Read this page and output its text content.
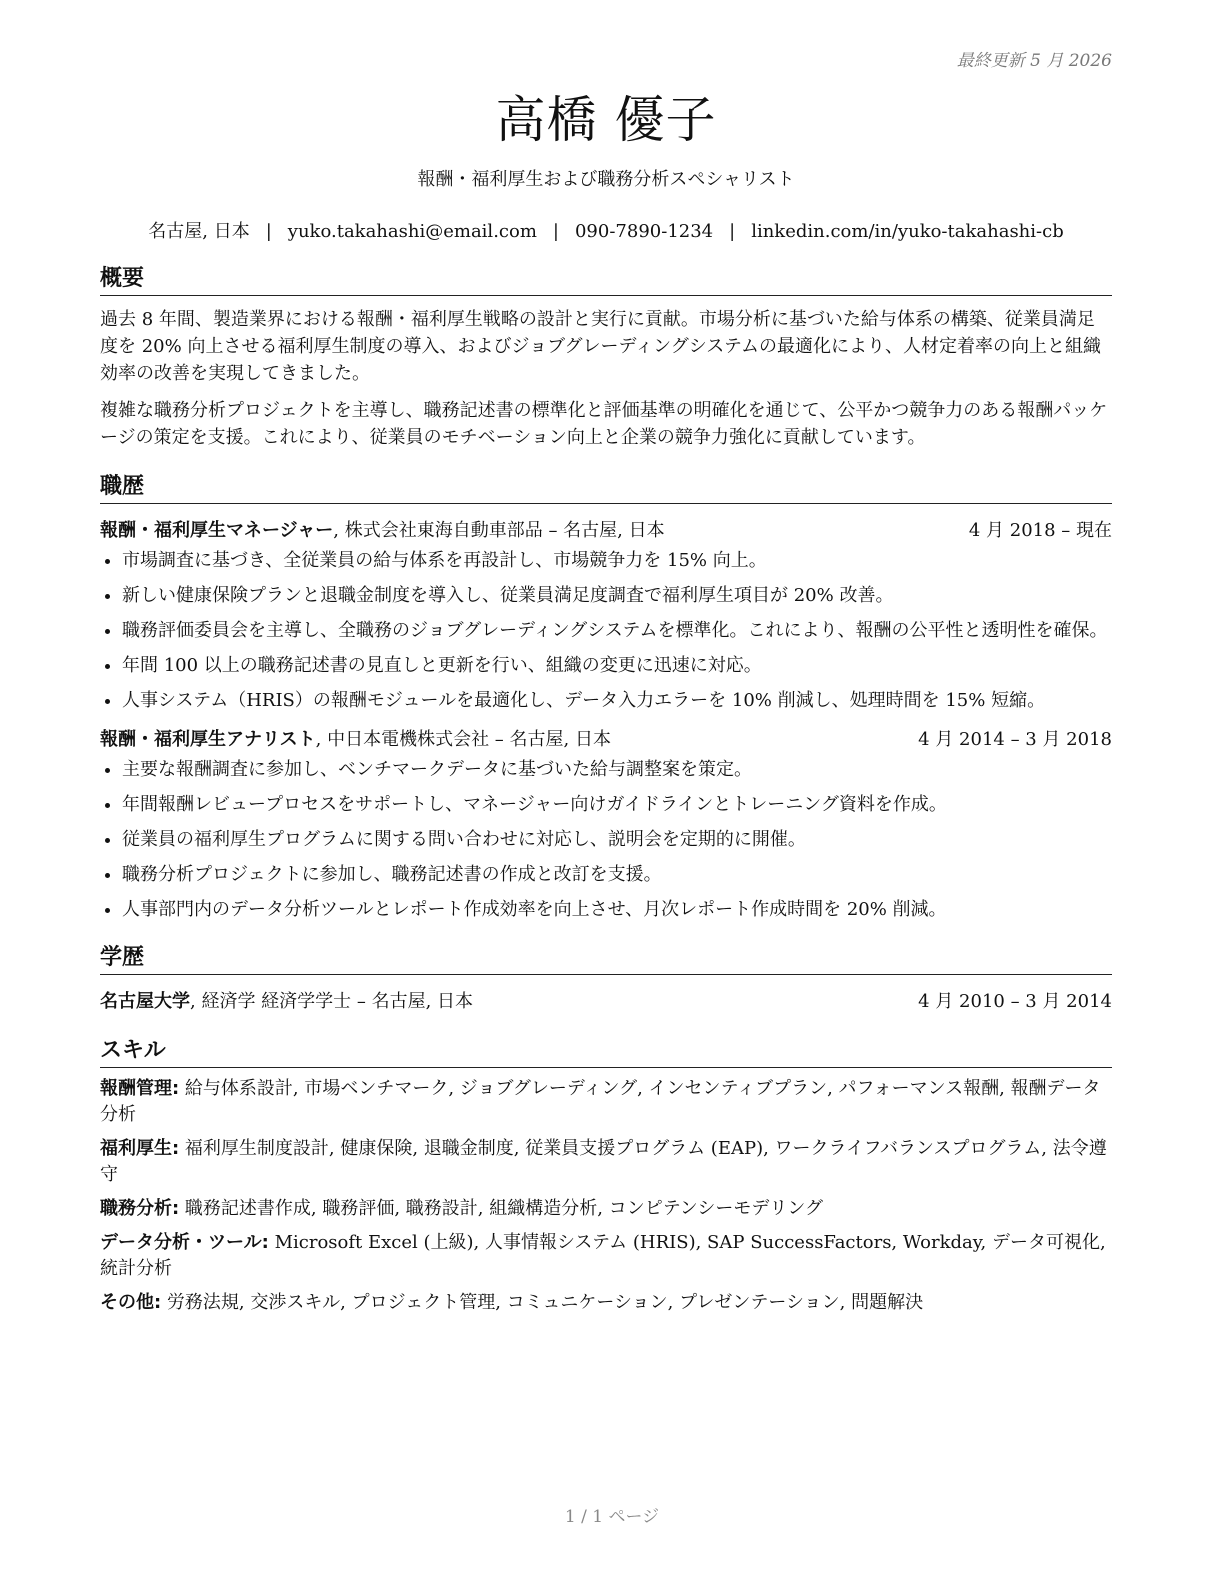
最終更新 5 月 2026
高橋 優子
報酬・福利厚生および職務分析スペシャリスト
名古屋, 日本 | yuko.takahashi@email.com | 090-7890-1234 | linkedin.com/in/yuko-takahashi-cb
概要
過去 8 年間、製造業界における報酬・福利厚生戦略の設計と実行に貢献。市場分析に基づいた給与体系の構築、従業員満足度を 20% 向上させる福利厚生制度の導入、およびジョブグレーディングシステムの最適化により、人材定着率の向上と組織効率の改善を実現してきました。
複雑な職務分析プロジェクトを主導し、職務記述書の標準化と評価基準の明確化を通じて、公平かつ競争力のある報酬パッケージの策定を支援。これにより、従業員のモチベーション向上と企業の競争力強化に貢献しています。
職歴
報酬・福利厚生マネージャー, 株式会社東海自動車部品 – 名古屋, 日本	4 月 2018 – 現在
• 市場調査に基づき、全従業員の給与体系を再設計し、市場競争力を 15% 向上。
• 新しい健康保険プランと退職金制度を導入し、従業員満足度調査で福利厚生項目が 20% 改善。
• 職務評価委員会を主導し、全職務のジョブグレーディングシステムを標準化。これにより、報酬の公平性と透明性を確保。
• 年間 100 以上の職務記述書の見直しと更新を行い、組織の変更に迅速に対応。
• 人事システム（HRIS）の報酬モジュールを最適化し、データ入力エラーを 10% 削減し、処理時間を 15% 短縮。
報酬・福利厚生アナリスト, 中日本電機株式会社 – 名古屋, 日本	4 月 2014 – 3 月 2018
• 主要な報酬調査に参加し、ベンチマークデータに基づいた給与調整案を策定。
• 年間報酬レビュープロセスをサポートし、マネージャー向けガイドラインとトレーニング資料を作成。
• 従業員の福利厚生プログラムに関する問い合わせに対応し、説明会を定期的に開催。
• 職務分析プロジェクトに参加し、職務記述書の作成と改訂を支援。
• 人事部門内のデータ分析ツールとレポート作成効率を向上させ、月次レポート作成時間を 20% 削減。
学歴
名古屋大学, 経済学 経済学学士 – 名古屋, 日本	4 月 2010 – 3 月 2014
スキル
報酬管理: 給与体系設計, 市場ベンチマーク, ジョブグレーディング, インセンティブプラン, パフォーマンス報酬, 報酬データ分析
福利厚生: 福利厚生制度設計, 健康保険, 退職金制度, 従業員支援プログラム (EAP), ワークライフバランスプログラム, 法令遵守
職務分析: 職務記述書作成, 職務評価, 職務設計, 組織構造分析, コンピテンシーモデリング
データ分析・ツール: Microsoft Excel (上級), 人事情報システム (HRIS), SAP SuccessFactors, Workday, データ可視化, 統計分析
その他: 労務法規, 交渉スキル, プロジェクト管理, コミュニケーション, プレゼンテーション, 問題解決
1 / 1 ページ
